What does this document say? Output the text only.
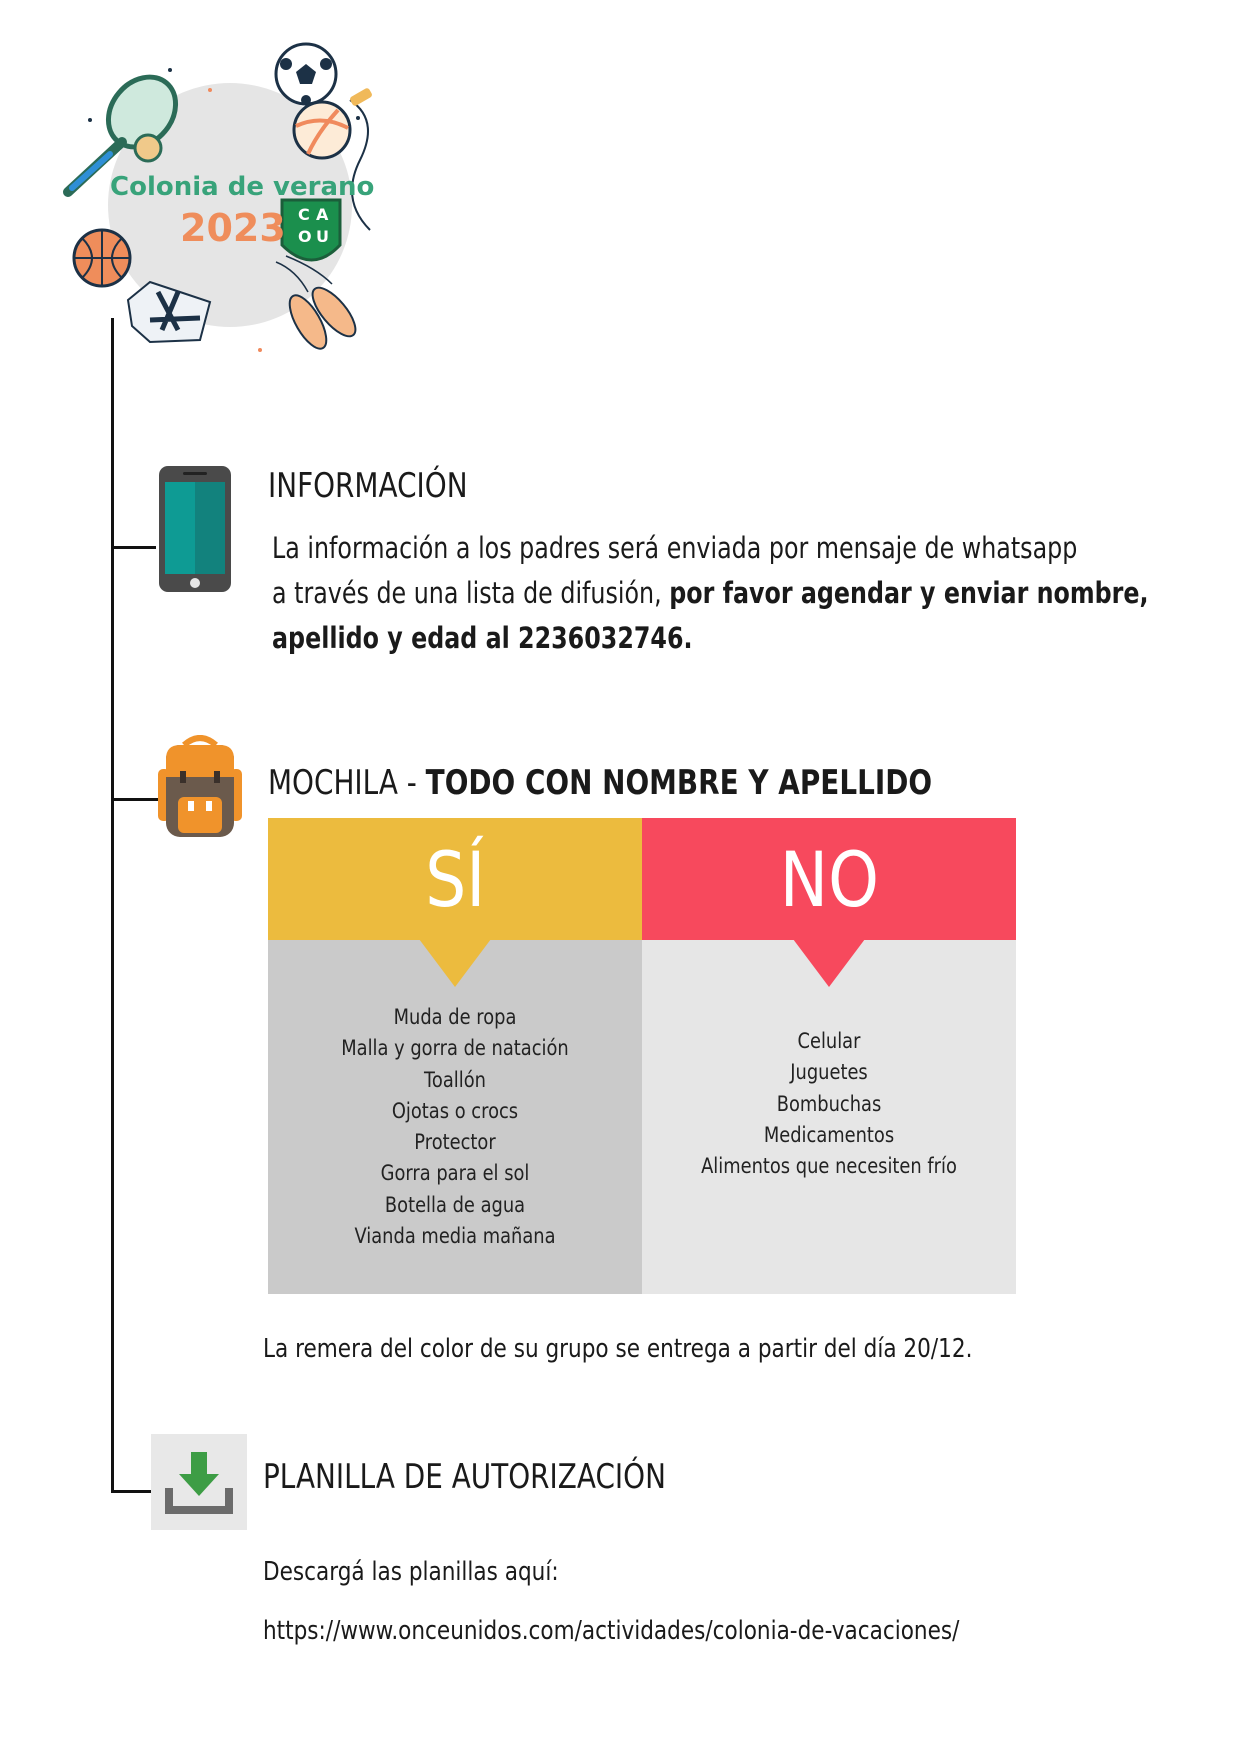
C A
O U
Colonia de verano
2023
INFORMACIÓN
La información a los padres será enviada por mensaje de whatsapp
a través de una lista de difusión, por favor agendar y enviar nombre,
apellido y edad al 2236032746.
MOCHILA - TODO CON NOMBRE Y APELLIDO
SÍ
Muda de ropa
Malla y gorra de natación
Toallón
Ojotas o crocs
Protector
Gorra para el sol
Botella de agua
Vianda media mañana
NO
Celular
Juguetes
Bombuchas
Medicamentos
Alimentos que necesiten frío
La remera del color de su grupo se entrega a partir del día 20/12.
PLANILLA DE AUTORIZACIÓN
Descargá las planillas aquí:
https://www.onceunidos.com/actividades/colonia-de-vacaciones/
